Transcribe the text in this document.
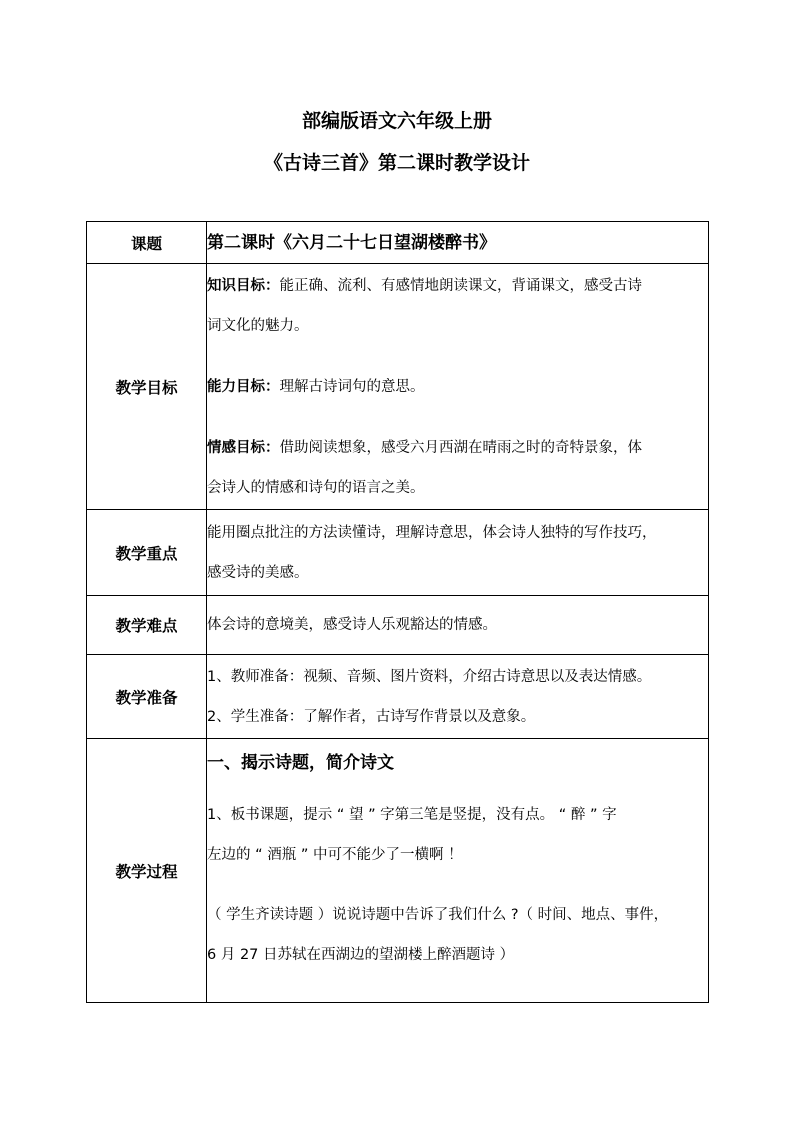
部编版语文六年级上册
《古诗三首》第二课时教学设计
课题	第二课时《六月二十七日望湖楼醉书》

教学目标	知识目标：能正确、流利、有感情地朗读课文，背诵课文，感受古诗

词文化的魅力。

能力目标：理解古诗词句的意思。

情感目标：借助阅读想象，感受六月西湖在晴雨之时的奇特景象，体

会诗人的情感和诗句的语言之美。

教学重点	能用圈点批注的方法读懂诗，理解诗意思，体会诗人独特的写作技巧，

感受诗的美感。

教学难点	体会诗的意境美，感受诗人乐观豁达的情感。

教学准备	1、教师准备：视频、音频、图片资料，介绍古诗意思以及表达情感。

2、学生准备：了解作者，古诗写作背景以及意象。

教学过程	一、揭示诗题，简介诗文

1、板书课题，提示 “ 望 ” 字第三笔是竖提，没有点。 “ 醉 ” 字

左边的 “ 酒瓶 ” 中可不能少了一横啊 ！

（ 学生齐读诗题 ）说说诗题中告诉了我们什么 ?（ 时间、地点、事件，

6 月 27 日苏轼在西湖边的望湖楼上醉酒题诗 ）
